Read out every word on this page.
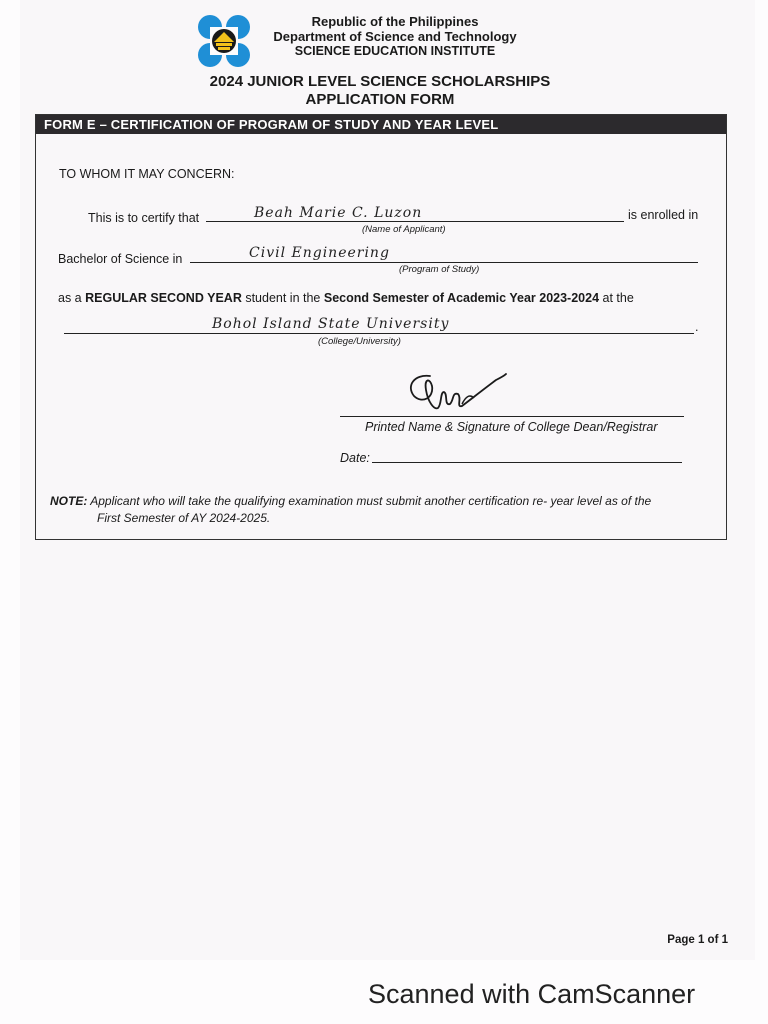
Republic of the Philippines
Department of Science and Technology
SCIENCE EDUCATION INSTITUTE
2024 JUNIOR LEVEL SCIENCE SCHOLARSHIPS
APPLICATION FORM
FORM E – CERTIFICATION OF PROGRAM OF STUDY AND YEAR LEVEL
TO WHOM IT MAY CONCERN:
This is to certify that	Beah Marie C. Luzon	is enrolled in
(Name of Applicant)
Bachelor of Science in	Civil Engineering
(Program of Study)
as a REGULAR SECOND YEAR student in the Second Semester of Academic Year 2023-2024 at the
Bohol Island State University	.
(College/University)
Printed Name & Signature of College Dean/Registrar
Date:
NOTE: Applicant who will take the qualifying examination must submit another certification re- year level as of the
First Semester of AY 2024-2025.
Page 1 of 1
Scanned with CamScanner
